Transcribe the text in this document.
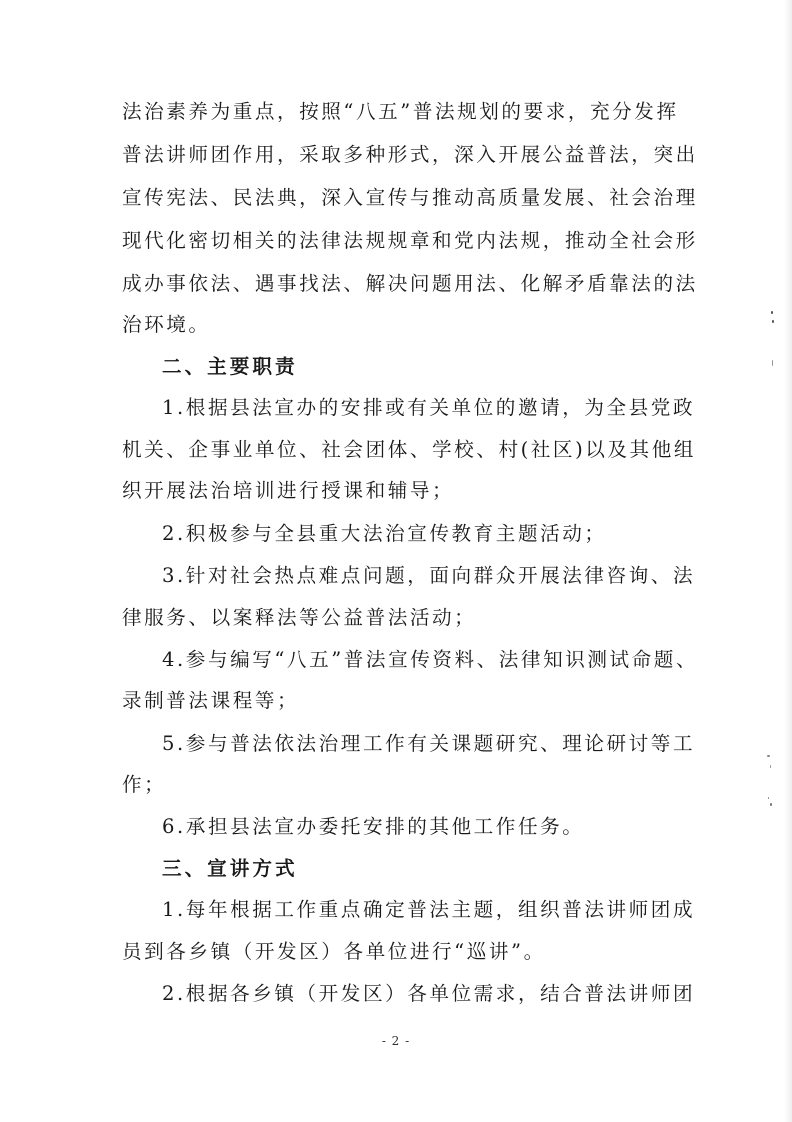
法治素养为重点，按照“八五”普法规划的要求，充分发挥
普法讲师团作用，采取多种形式，深入开展公益普法，突出
宣传宪法、民法典，深入宣传与推动高质量发展、社会治理
现代化密切相关的法律法规规章和党内法规，推动全社会形
成办事依法、遇事找法、解决问题用法、化解矛盾靠法的法
治环境。
二、主要职责
1.根据县法宣办的安排或有关单位的邀请，为全县党政
机关、企事业单位、社会团体、学校、村(社区)以及其他组
织开展法治培训进行授课和辅导；
2.积极参与全县重大法治宣传教育主题活动；
3.针对社会热点难点问题，面向群众开展法律咨询、法
律服务、以案释法等公益普法活动；
4.参与编写“八五”普法宣传资料、法律知识测试命题、
录制普法课程等；
5.参与普法依法治理工作有关课题研究、理论研讨等工
作；
6.承担县法宣办委托安排的其他工作任务。
三、宣讲方式
1.每年根据工作重点确定普法主题，组织普法讲师团成
员到各乡镇（开发区）各单位进行“巡讲”。
2.根据各乡镇（开发区）各单位需求，结合普法讲师团
- 2 -
